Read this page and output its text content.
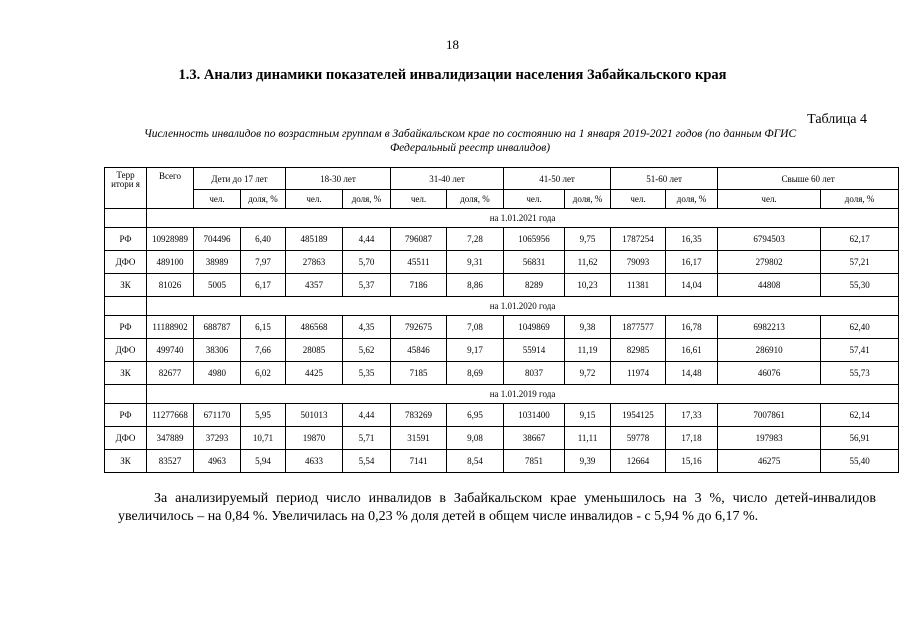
18
1.3. Анализ динамики показателей инвалидизации населения Забайкальского края
Таблица 4
Численность инвалидов по возрастным группам в Забайкальском крае по состоянию на 1 января 2019-2021 годов (по данным ФГИС Федеральный реестр инвалидов)
Терр итори я	Всего	Дети до 17 лет		18-30 лет		31-40 лет		41-50 лет		51-60 лет		Свыше 60 лет	
		чел.	доля, %	чел.	доля, %	чел.	доля, %	чел.	доля, %	чел.	доля, %	чел.	доля, %
	на 1.01.2021 года												
РФ	10928989	704496	6,40	485189	4,44	796087	7,28	1065956	9,75	1787254	16,35	6794503	62,17
ДФО	489100	38989	7,97	27863	5,70	45511	9,31	56831	11,62	79093	16,17	279802	57,21
ЗК	81026	5005	6,17	4357	5,37	7186	8,86	8289	10,23	11381	14,04	44808	55,30
	на 1.01.2020 года												
РФ	11188902	688787	6,15	486568	4,35	792675	7,08	1049869	9,38	1877577	16,78	6982213	62,40
ДФО	499740	38306	7,66	28085	5,62	45846	9,17	55914	11,19	82985	16,61	286910	57,41
ЗК	82677	4980	6,02	4425	5,35	7185	8,69	8037	9,72	11974	14,48	46076	55,73
	на 1.01.2019 года												
РФ	11277668	671170	5,95	501013	4,44	783269	6,95	1031400	9,15	1954125	17,33	7007861	62,14
ДФО	347889	37293	10,71	19870	5,71	31591	9,08	38667	11,11	59778	17,18	197983	56,91
ЗК	83527	4963	5,94	4633	5,54	7141	8,54	7851	9,39	12664	15,16	46275	55,40

За анализируемый период число инвалидов в Забайкальском крае уменьшилось на 3 %, число детей-инвалидов увеличилось – на 0,84 %. Увеличилась на 0,23 % доля детей в общем числе инвалидов - с 5,94 % до 6,17 %.
